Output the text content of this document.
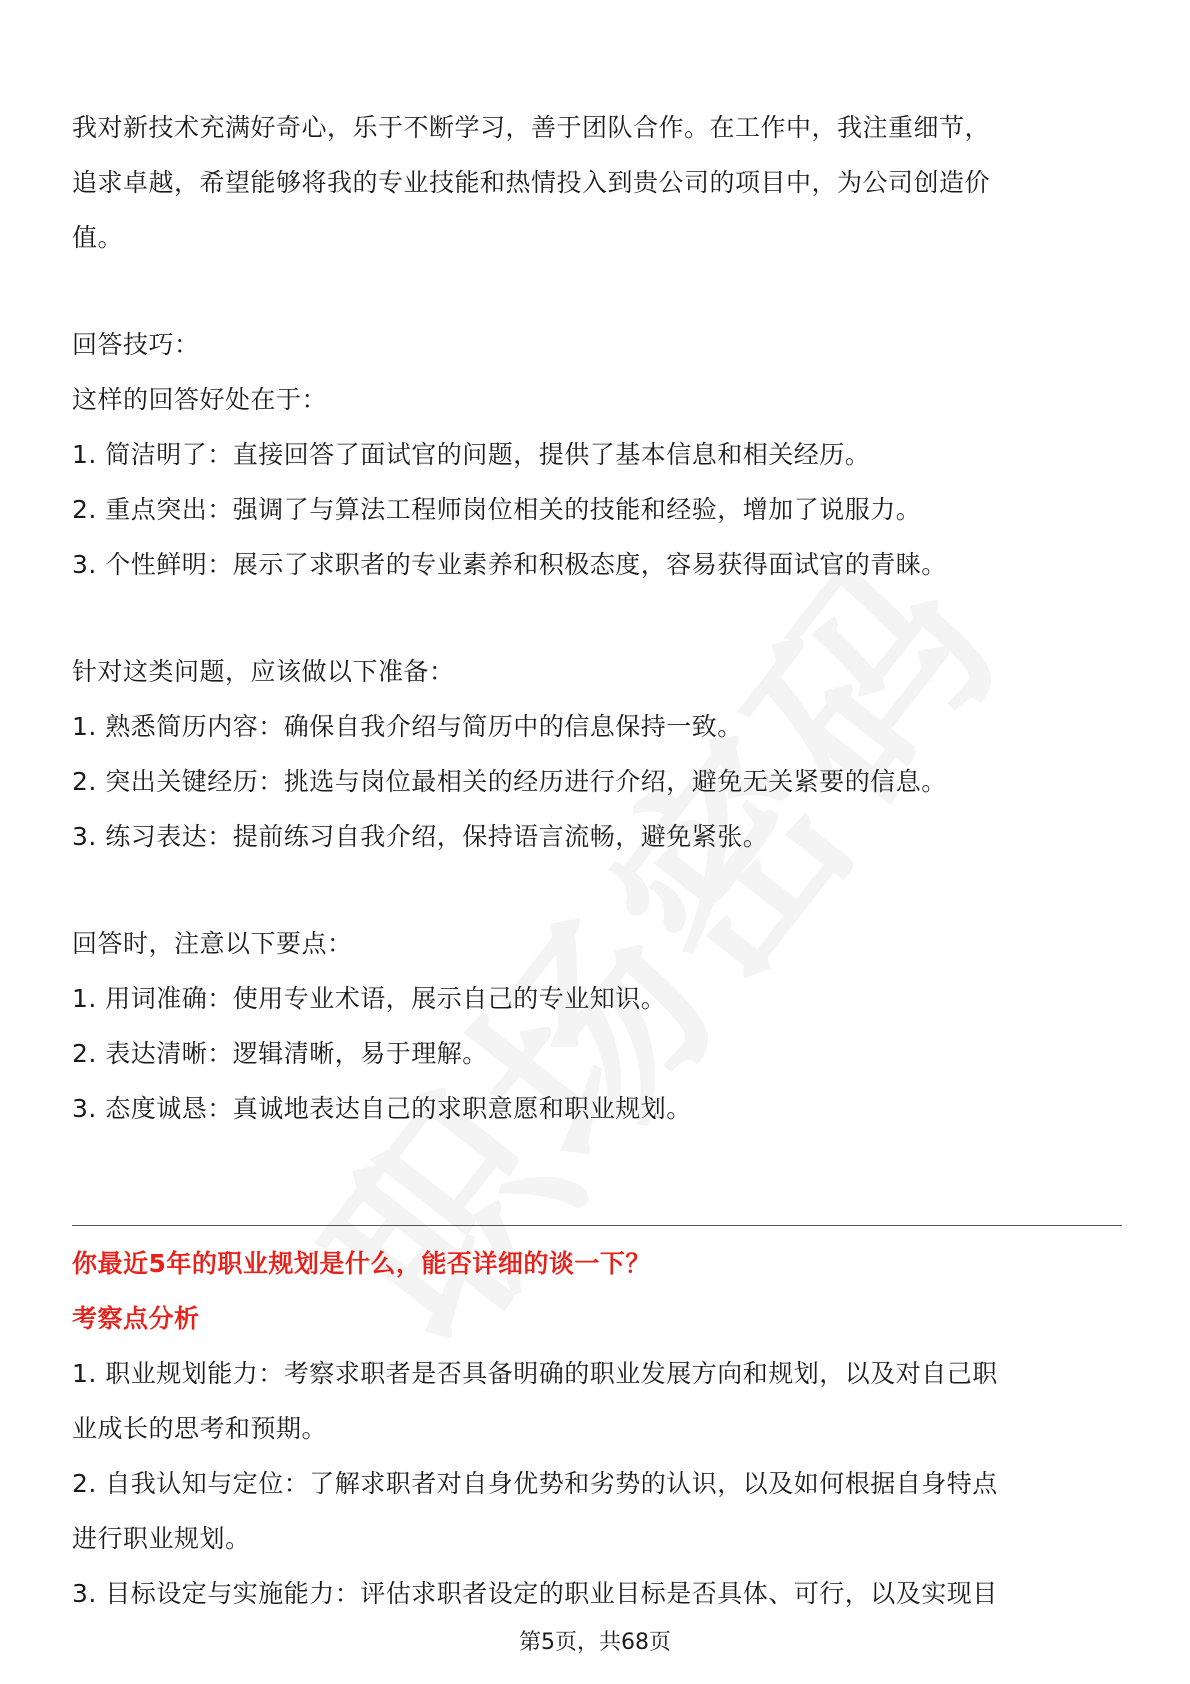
我对新技术充满好奇心，乐于不断学习，善于团队合作。在工作中，我注重细节，
追求卓越，希望能够将我的专业技能和热情投入到贵公司的项目中，为公司创造价
值。
回答技巧：
这样的回答好处在于：
1. 简洁明了：直接回答了面试官的问题，提供了基本信息和相关经历。
2. 重点突出：强调了与算法工程师岗位相关的技能和经验，增加了说服力。
3. 个性鲜明：展示了求职者的专业素养和积极态度，容易获得面试官的青睐。
针对这类问题，应该做以下准备：
1. 熟悉简历内容：确保自我介绍与简历中的信息保持一致。
2. 突出关键经历：挑选与岗位最相关的经历进行介绍，避免无关紧要的信息。
3. 练习表达：提前练习自我介绍，保持语言流畅，避免紧张。
回答时，注意以下要点：
1. 用词准确：使用专业术语，展示自己的专业知识。
2. 表达清晰：逻辑清晰，易于理解。
3. 态度诚恳：真诚地表达自己的求职意愿和职业规划。
你最近5年的职业规划是什么，能否详细的谈一下？
考察点分析
1. 职业规划能力：考察求职者是否具备明确的职业发展方向和规划，以及对自己职
业成长的思考和预期。
2. 自我认知与定位：了解求职者对自身优势和劣势的认识，以及如何根据自身特点
进行职业规划。
3. 目标设定与实施能力：评估求职者设定的职业目标是否具体、可行，以及实现目
第5页，共68页
